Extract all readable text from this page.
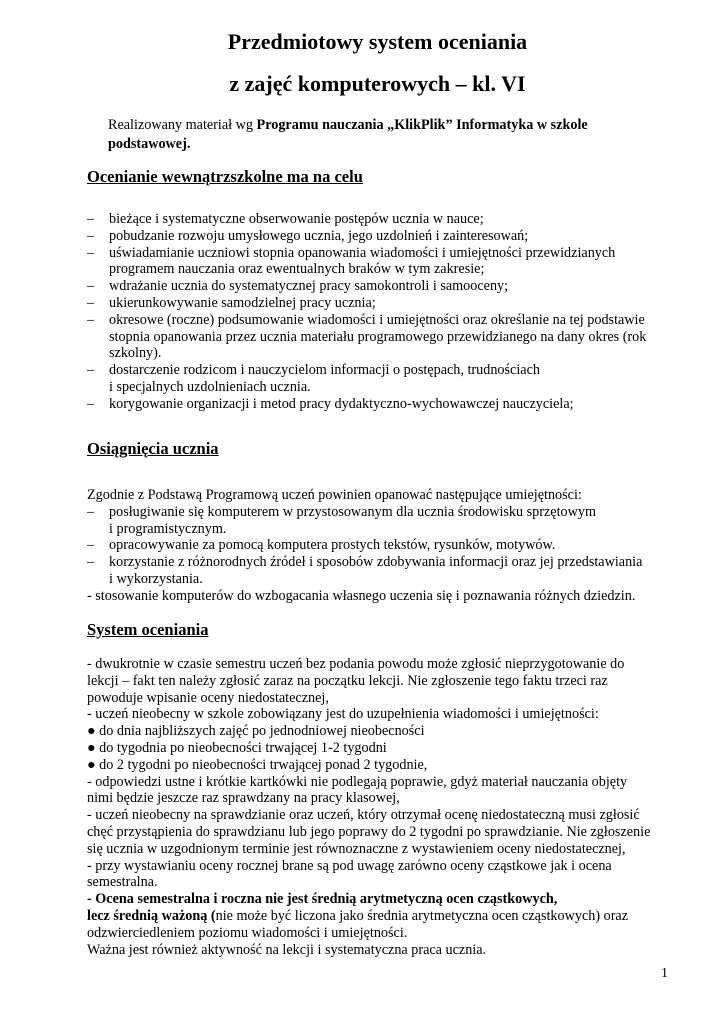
Przedmiotowy system oceniania
z zajęć komputerowych – kl. VI
Realizowany materiał wg Programu nauczania „KlikPlik” Informatyka w szkole podstawowej.
Ocenianie wewnątrzszkolne ma na celu
– bieżące i systematyczne obserwowanie postępów ucznia w nauce;
– pobudzanie rozwoju umysłowego ucznia, jego uzdolnień i zainteresowań;
– uświadamianie uczniowi stopnia opanowania wiadomości i umiejętności przewidzianych
programem nauczania oraz ewentualnych braków w tym zakresie;
– wdrażanie ucznia do systematycznej pracy samokontroli i samooceny;
– ukierunkowywanie samodzielnej pracy ucznia;
– okresowe (roczne) podsumowanie wiadomości i umiejętności oraz określanie na tej podstawie
stopnia opanowania przez ucznia materiału programowego przewidzianego na dany okres (rok
szkolny).
– dostarczenie rodzicom i nauczycielom informacji o postępach, trudnościach
i specjalnych uzdolnieniach ucznia.
– korygowanie organizacji i metod pracy dydaktyczno-wychowawczej nauczyciela;
Osiągnięcia ucznia
Zgodnie z Podstawą Programową uczeń powinien opanować następujące umiejętności:
– posługiwanie się komputerem w przystosowanym dla ucznia środowisku sprzętowym
i programistycznym.
– opracowywanie za pomocą komputera prostych tekstów, rysunków, motywów.
– korzystanie z różnorodnych źródeł i sposobów zdobywania informacji oraz jej przedstawiania
i wykorzystania.
- stosowanie komputerów do wzbogacania własnego uczenia się i poznawania różnych dziedzin.
System oceniania
- dwukrotnie w czasie semestru uczeń bez podania powodu może zgłosić nieprzygotowanie do
lekcji – fakt ten należy zgłosić zaraz na początku lekcji. Nie zgłoszenie tego faktu trzeci raz
powoduje wpisanie oceny niedostatecznej,
- uczeń nieobecny w szkole zobowiązany jest do uzupełnienia wiadomości i umiejętności:
● do dnia najbliższych zajęć po jednodniowej nieobecności
● do tygodnia po nieobecności trwającej 1-2 tygodni
● do 2 tygodni po nieobecności trwającej ponad 2 tygodnie,
- odpowiedzi ustne i krótkie kartkówki nie podlegają poprawie, gdyż materiał nauczania objęty
nimi będzie jeszcze raz sprawdzany na pracy klasowej,
- uczeń nieobecny na sprawdzianie oraz uczeń, który otrzymał ocenę niedostateczną musi zgłosić
chęć przystąpienia do sprawdzianu lub jego poprawy do 2 tygodni po sprawdzianie. Nie zgłoszenie
się ucznia w uzgodnionym terminie jest równoznaczne z wystawieniem oceny niedostatecznej,
- przy wystawianiu oceny rocznej brane są pod uwagę zarówno oceny cząstkowe jak i ocena
semestralna.
- Ocena semestralna i roczna nie jest średnią arytmetyczną ocen cząstkowych,
lecz średnią ważoną (nie może być liczona jako średnia arytmetyczna ocen cząstkowych) oraz
odzwierciedleniem poziomu wiadomości i umiejętności.
Ważna jest również aktywność na lekcji i systematyczna praca ucznia.
1
